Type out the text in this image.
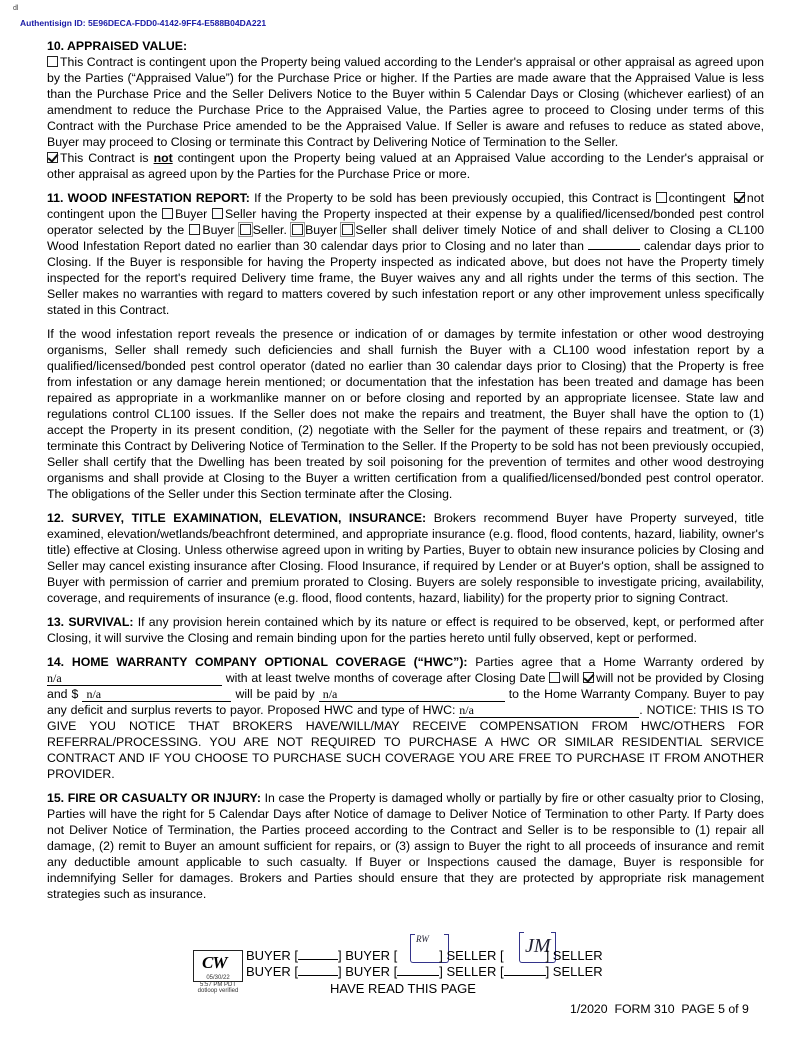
dl
Authentisign ID: 5E96DECA-FDD0-4142-9FF4-E588B04DA221

10. APPRAISED VALUE:

This Contract is contingent upon the Property being valued according to the Lender's appraisal or other appraisal as agreed upon by the Parties (“Appraised Value”) for the Purchase Price or higher. If the Parties are made aware that the Appraised Value is less than the Purchase Price and the Seller Delivers Notice to the Buyer within 5 Calendar Days or Closing (whichever earliest) of an amendment to reduce the Purchase Price to the Appraised Value, the Parties agree to proceed to Closing under terms of this Contract with the Purchase Price amended to be the Appraised Value. If Seller is aware and refuses to reduce as stated above, Buyer may proceed to Closing or terminate this Contract by Delivering Notice of Termination to the Seller.

This Contract is not contingent upon the Property being valued at an Appraised Value according to the Lender's appraisal or other appraisal as agreed upon by the Parties for the Purchase Price or more.

11. WOOD INFESTATION REPORT: If the Property to be sold has been previously occupied, this Contract is contingent not contingent upon the Buyer Seller having the Property inspected at their expense by a qualified/licensed/bonded pest control operator selected by the Buyer Seller. Buyer Seller shall deliver timely Notice of and shall deliver to Closing a CL100 Wood Infestation Report dated no earlier than 30 calendar days prior to Closing and no later than	calendar days prior to Closing. If the Buyer is responsible for having the Property inspected as indicated above, but does not have the Property timely inspected for the report's required Delivery time frame, the Buyer waives any and all rights under the terms of this section. The Seller makes no warranties with regard to matters covered by such infestation report or any other improvement unless specifically stated in this Contract.

If the wood infestation report reveals the presence or indication of or damages by termite infestation or other wood destroying organisms, Seller shall remedy such deficiencies and shall furnish the Buyer with a CL100 wood infestation report by a qualified/licensed/bonded pest control operator (dated no earlier than 30 calendar days prior to Closing) that the Property is free from infestation or any damage herein mentioned; or documentation that the infestation has been treated and damage has been repaired as appropriate in a workmanlike manner on or before closing and reported by an appropriate licensee. State law and regulations control CL100 issues. If the Seller does not make the repairs and treatment, the Buyer shall have the option to (1) accept the Property in its present condition, (2) negotiate with the Seller for the payment of these repairs and treatment, or (3) terminate this Contract by Delivering Notice of Termination to the Seller. If the Property to be sold has not been previously occupied, Seller shall certify that the Dwelling has been treated by soil poisoning for the prevention of termites and other wood destroying organisms and shall provide at Closing to the Buyer a written certification from a qualified/licensed/bonded pest control operator. The obligations of the Seller under this Section terminate after the Closing.

12. SURVEY, TITLE EXAMINATION, ELEVATION, INSURANCE: Brokers recommend Buyer have Property surveyed, title examined, elevation/wetlands/beachfront determined, and appropriate insurance (e.g. flood, flood contents, hazard, liability, owner's title) effective at Closing. Unless otherwise agreed upon in writing by Parties, Buyer to obtain new insurance policies by Closing and Seller may cancel existing insurance after Closing. Flood Insurance, if required by Lender or at Buyer's option, shall be assigned to Buyer with permission of carrier and premium prorated to Closing. Buyers are solely responsible to investigate pricing, availability, coverage, and requirements of insurance (e.g. flood, flood contents, hazard, liability) for the property prior to signing Contract.

13. SURVIVAL: If any provision herein contained which by its nature or effect is required to be observed, kept, or performed after Closing, it will survive the Closing and remain binding upon for the parties hereto until fully observed, kept or performed.

14. HOME WARRANTY COMPANY OPTIONAL COVERAGE (“HWC”): Parties agree that a Home Warranty ordered by n/a	with at least twelve months of coverage after Closing Date will will not be provided by Closing and $ n/a	will be paid by n/a	to the Home Warranty Company. Buyer to pay any deficit and surplus reverts to payor. Proposed HWC and type of HWC: n/a	. NOTICE: THIS IS TO GIVE YOU NOTICE THAT BROKERS HAVE/WILL/MAY RECEIVE COMPENSATION FROM HWC/OTHERS FOR REFERRAL/PROCESSING. YOU ARE NOT REQUIRED TO PURCHASE A HWC OR SIMILAR RESIDENTIAL SERVICE CONTRACT AND IF YOU CHOOSE TO PURCHASE SUCH COVERAGE YOU ARE FREE TO PURCHASE IT FROM ANOTHER PROVIDER.

15. FIRE OR CASUALTY OR INJURY: In case the Property is damaged wholly or partially by fire or other casualty prior to Closing, Parties will have the right for 5 Calendar Days after Notice of damage to Deliver Notice of Termination to other Party. If Party does not Deliver Notice of Termination, the Parties proceed according to the Contract and Seller is to be responsible to (1) repair all damage, (2) remit to Buyer an amount sufficient for repairs, or (3) assign to Buyer the right to all proceeds of insurance and remit any deductible amount applicable to such casualty. If Buyer or Inspections caused the damage, Buyer is responsible for indemnifying Seller for damages. Brokers and Parties should ensure that they are protected by appropriate risk management strategies such as insurance.

CW
05/30/22
5:57 PM PDT
dotloop verified
RW	JM
BUYER [	] BUYER [	] SELLER [	] SELLER
BUYER [	] BUYER [	] SELLER [	] SELLER
HAVE READ THIS PAGE
1/2020  FORM 310  PAGE 5 of 9
